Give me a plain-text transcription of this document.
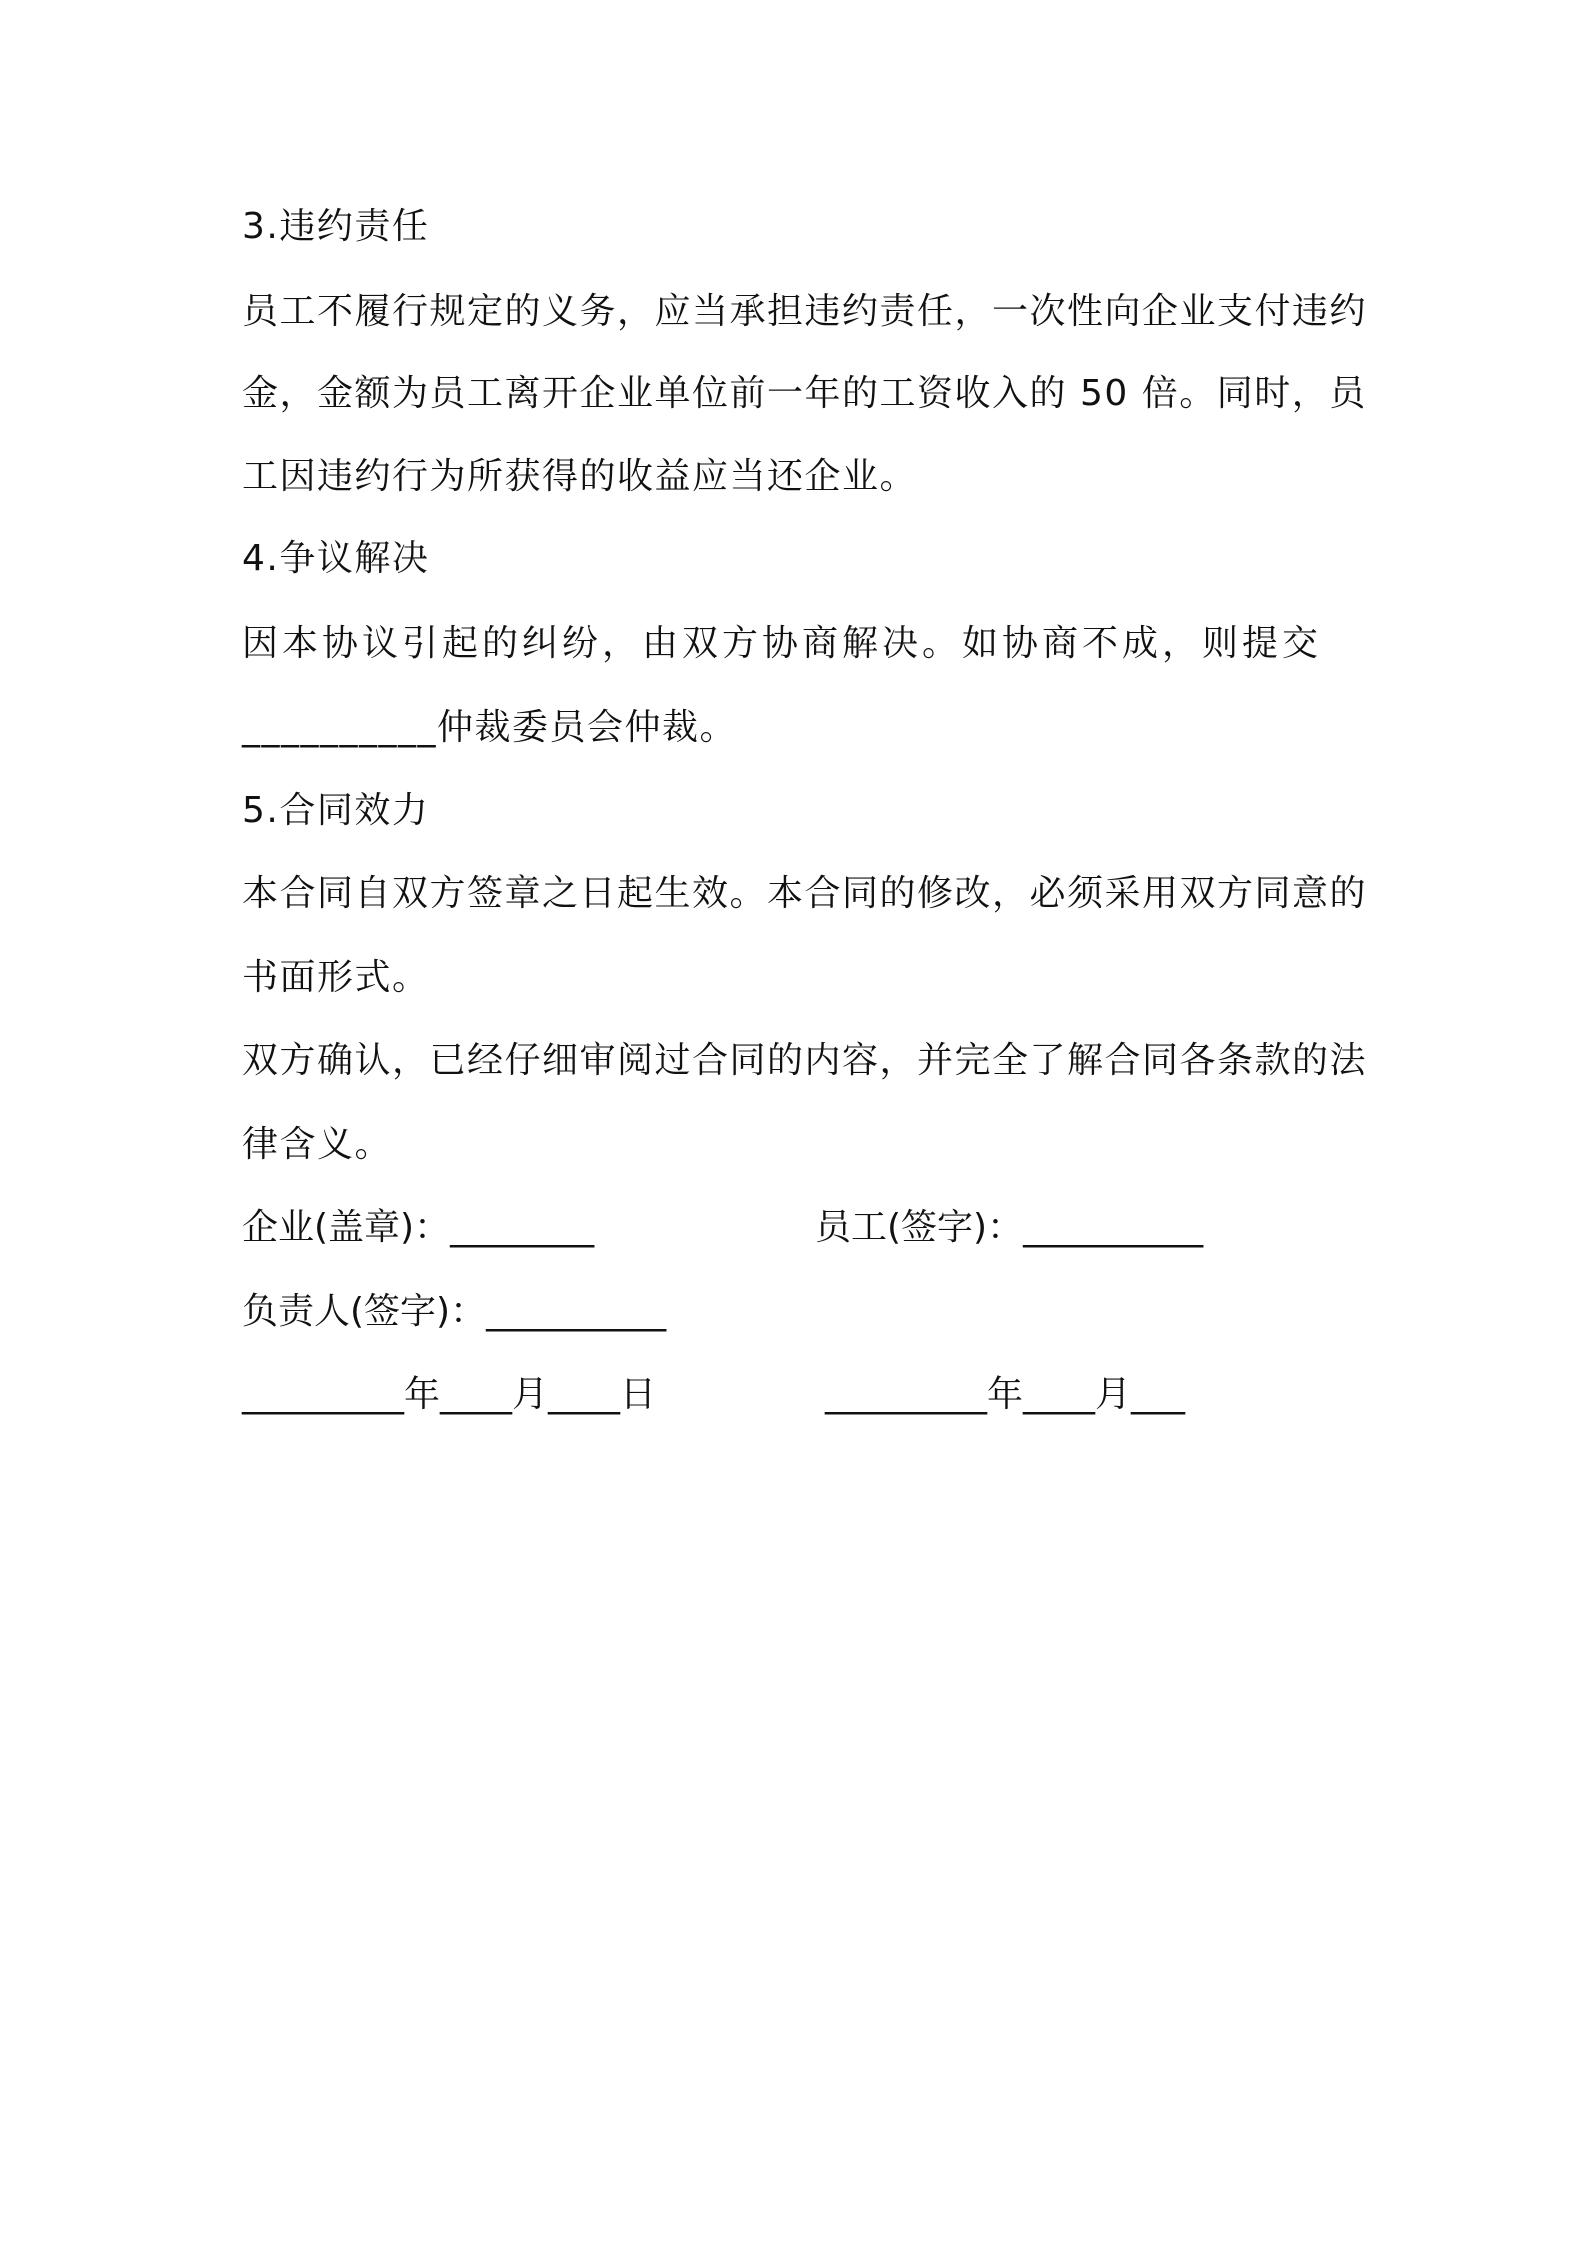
3.违约责任
员工不履行规定的义务，应当承担违约责任，一次性向企业支付违约
金，金额为员工离开企业单位前一年的工资收入的 50 倍。同时，员
工因违约行为所获得的收益应当还企业。
4.争议解决
因本协议引起的纠纷，由双方协商解决。如协商不成，则提交
__________仲裁委员会仲裁。
5.合同效力
本合同自双方签章之日起生效。本合同的修改，必须采用双方同意的
书面形式。
双方确认，已经仔细审阅过合同的内容，并完全了解合同各条款的法
律含义。
企业(盖章)：________	员工(签字)：__________
负责人(签字)：__________
_________年____月____日	_________年____月___
